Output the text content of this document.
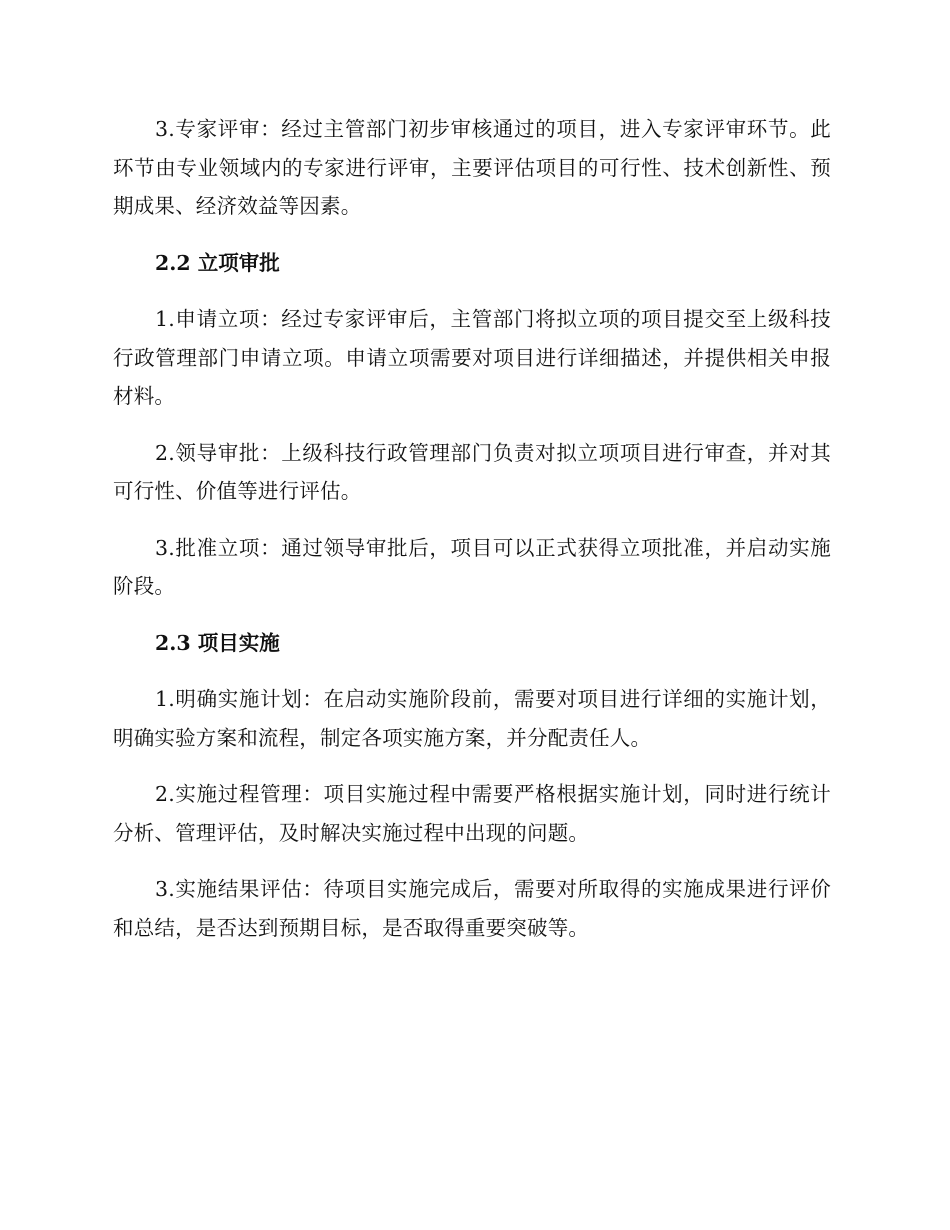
3.专家评审：经过主管部门初步审核通过的项目，进入专家评审环节。此环节由专业领域内的专家进行评审，主要评估项目的可行性、技术创新性、预期成果、经济效益等因素。

2.2 立项审批

1.申请立项：经过专家评审后，主管部门将拟立项的项目提交至上级科技行政管理部门申请立项。申请立项需要对项目进行详细描述，并提供相关申报材料。

2.领导审批：上级科技行政管理部门负责对拟立项项目进行审查，并对其可行性、价值等进行评估。

3.批准立项：通过领导审批后，项目可以正式获得立项批准，并启动实施阶段。

2.3 项目实施

1.明确实施计划：在启动实施阶段前，需要对项目进行详细的实施计划，明确实验方案和流程，制定各项实施方案，并分配责任人。

2.实施过程管理：项目实施过程中需要严格根据实施计划，同时进行统计分析、管理评估，及时解决实施过程中出现的问题。

3.实施结果评估：待项目实施完成后，需要对所取得的实施成果进行评价和总结，是否达到预期目标，是否取得重要突破等。
